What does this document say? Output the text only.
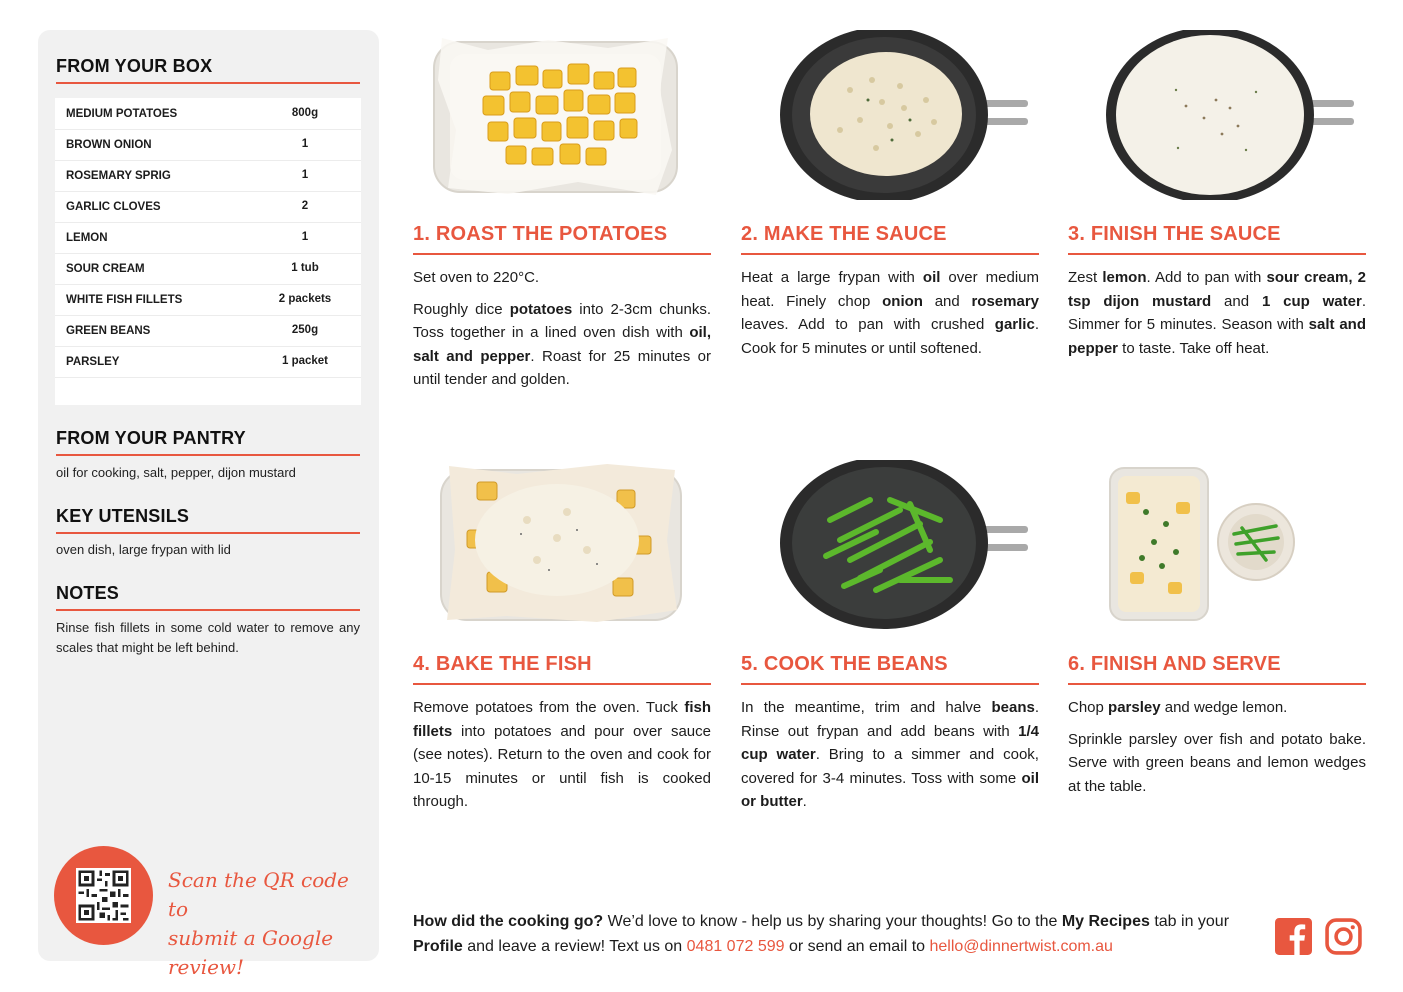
FROM YOUR BOX
MEDIUM POTATOES	800g
BROWN ONION	1
ROSEMARY SPRIG	1
GARLIC CLOVES	2
LEMON	1
SOUR CREAM	1 tub
WHITE FISH FILLETS	2 packets
GREEN BEANS	250g
PARSLEY	1 packet
FROM YOUR PANTRY
oil for cooking, salt, pepper, dijon mustard
KEY UTENSILS
oven dish, large frypan with lid
NOTES
Rinse fish fillets in some cold water to remove any scales that might be left behind.
Scan the QR code to
submit a Google review!
1. ROAST THE POTATOES

Set oven to 220°C.

Roughly dice potatoes into 2-3cm chunks. Toss together in a lined oven dish with oil, salt and pepper. Roast for 25 minutes or until tender and golden.

2. MAKE THE SAUCE

Heat a large frypan with oil over medium heat. Finely chop onion and rosemary leaves. Add to pan with crushed garlic. Cook for 5 minutes or until softened.

3. FINISH THE SAUCE

Zest lemon. Add to pan with sour cream, 2 tsp dijon mustard and 1 cup water. Simmer for 5 minutes. Season with salt and pepper to taste. Take off heat.

4. BAKE THE FISH

Remove potatoes from the oven. Tuck fish fillets into potatoes and pour over sauce (see notes). Return to the oven and cook for 10-15 minutes or until fish is cooked through.

5. COOK THE BEANS

In the meantime, trim and halve beans. Rinse out frypan and add beans with 1/4 cup water. Bring to a simmer and cook, covered for 3-4 minutes. Toss with some oil or butter.

6. FINISH AND SERVE

Chop parsley and wedge lemon.

Sprinkle parsley over fish and potato bake. Serve with green beans and lemon wedges at the table.

How did the cooking go? We’d love to know - help us by sharing your thoughts! Go to the My Recipes tab in your Profile and leave a review! Text us on 0481 072 599 or send an email to hello@dinnertwist.com.au
